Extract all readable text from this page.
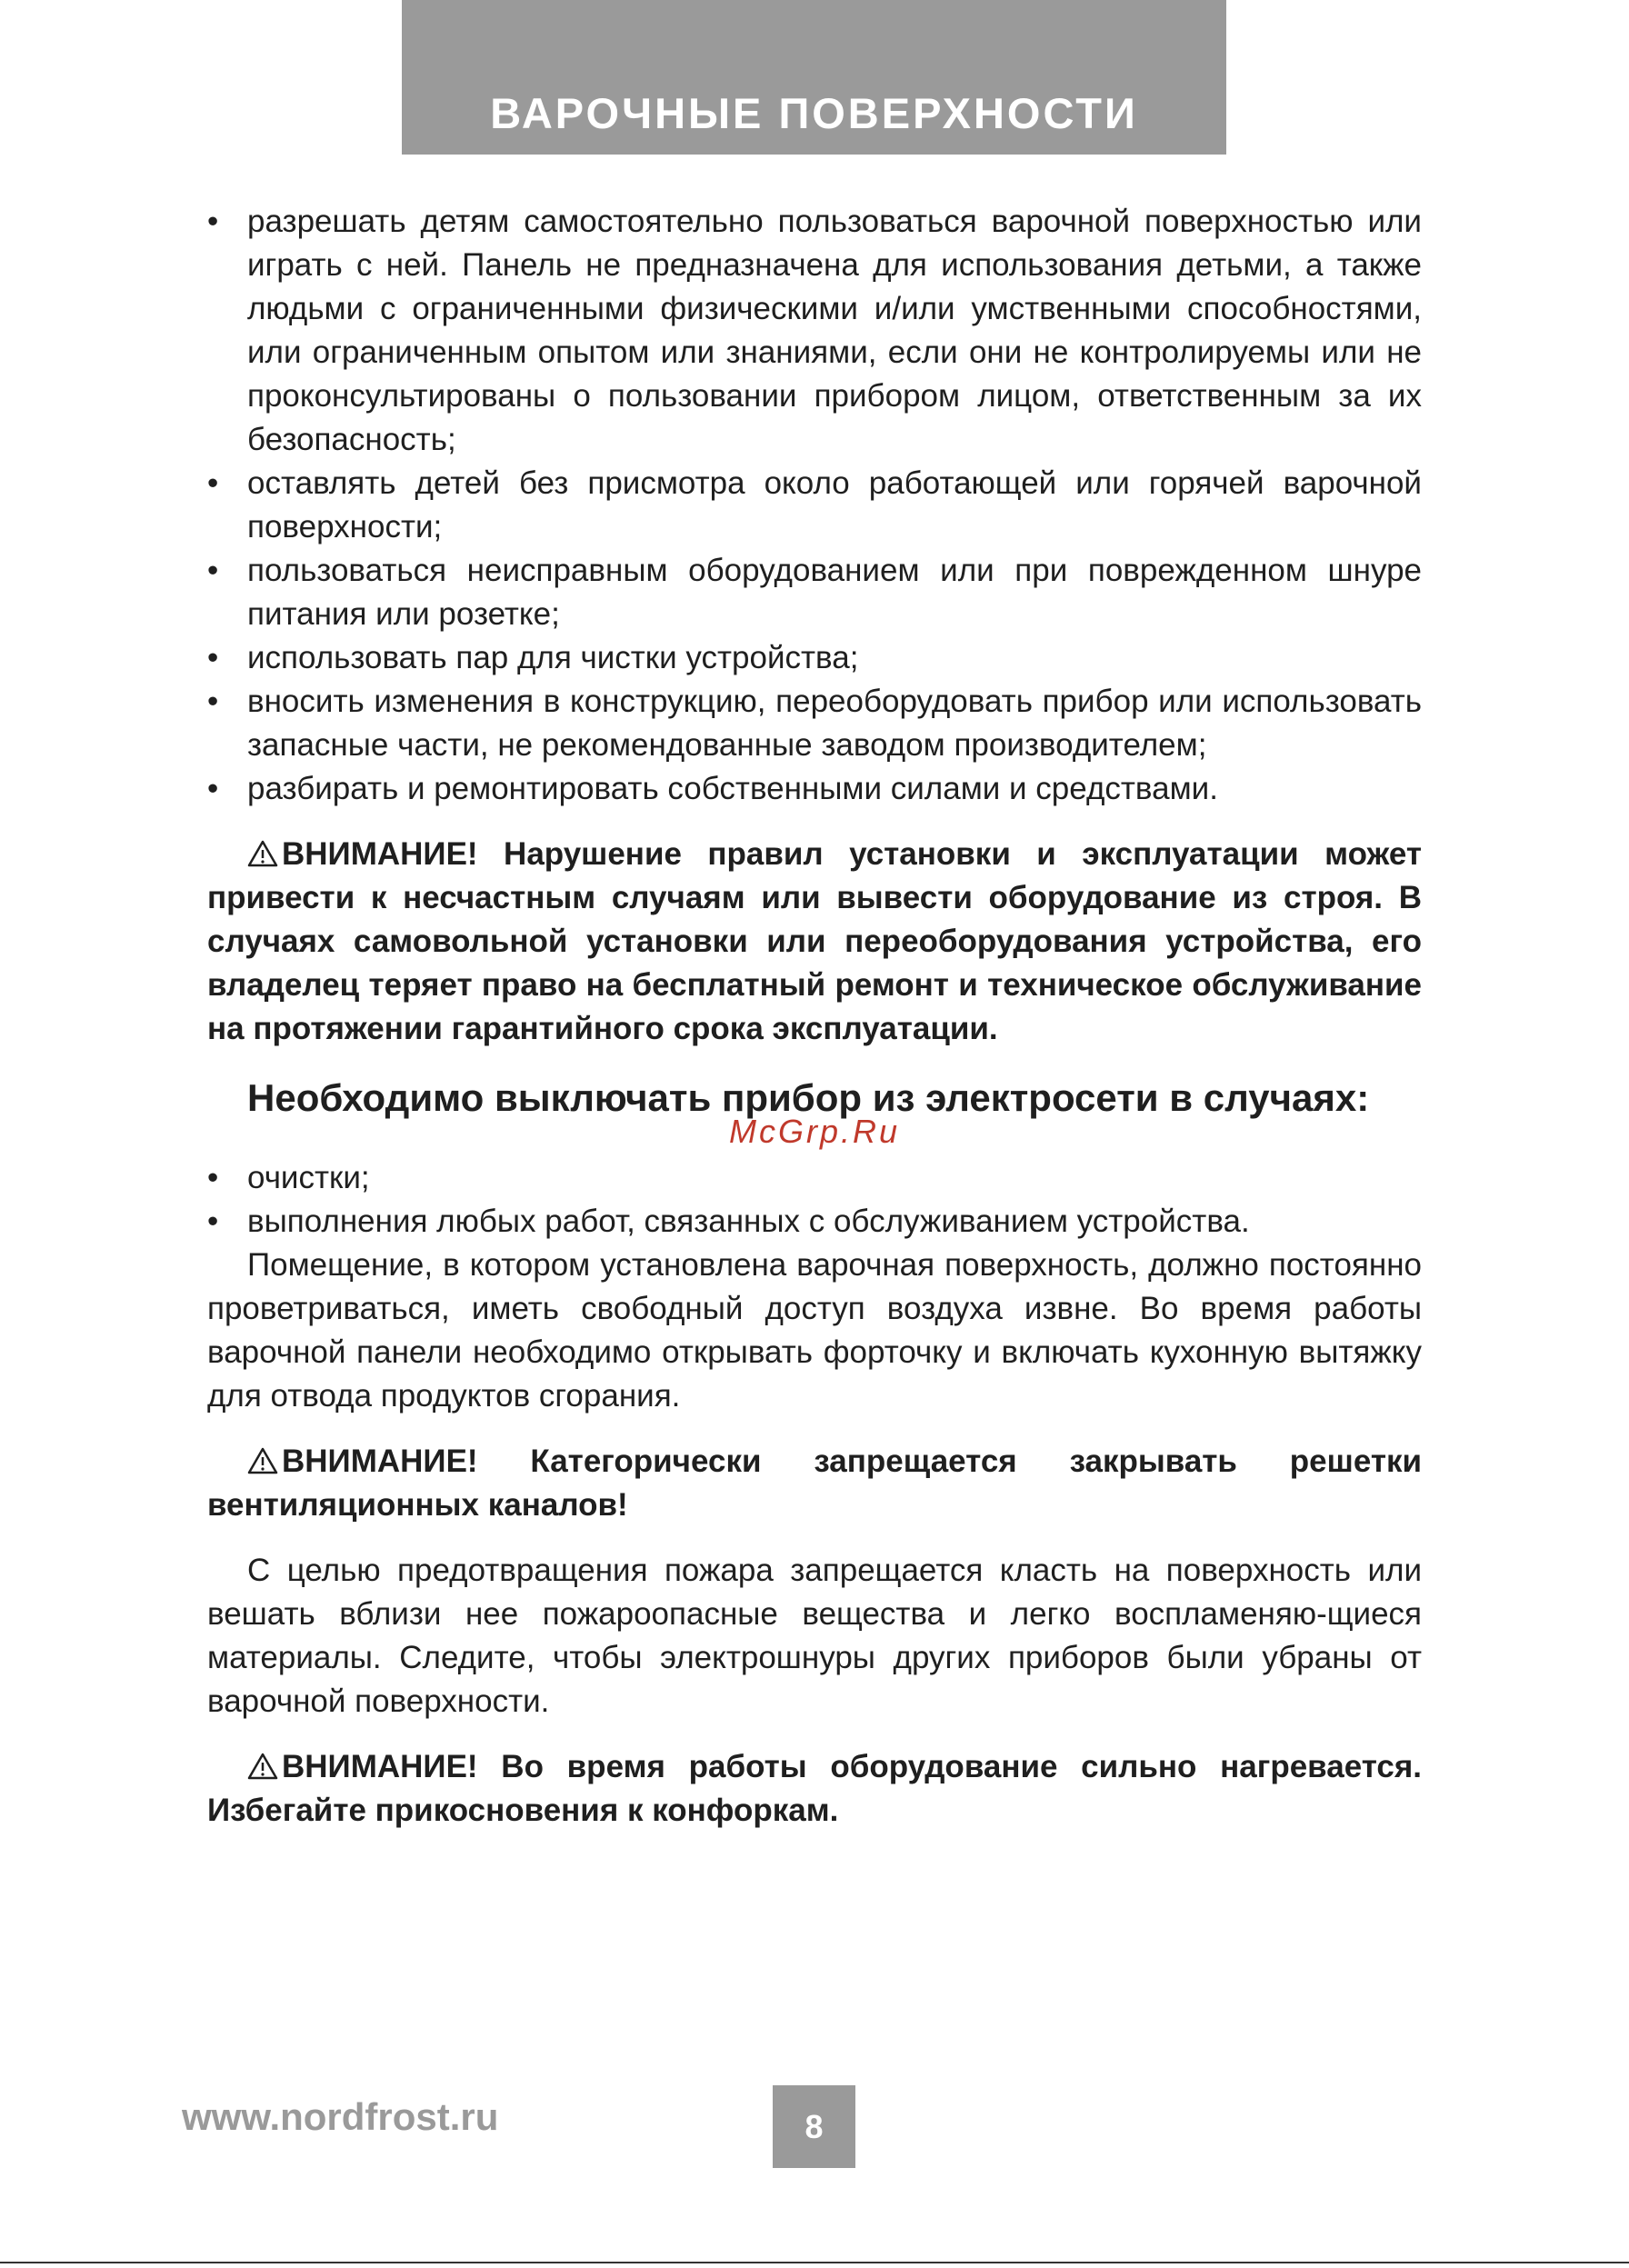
ВАРОЧНЫЕ ПОВЕРХНОСТИ
• разрешать детям самостоятельно пользоваться варочной поверхностью или играть с ней. Панель не предназначена для использования детьми, а также людьми с ограниченными физическими и/или умственными способностями, или ограниченным опытом или знаниями, если они не контролируемы или не проконсультированы о пользовании прибором лицом, ответственным за их безопасность;
• оставлять детей без присмотра около работающей или горячей варочной поверхности;
• пользоваться неисправным оборудованием или при поврежденном шнуре питания или розетке;
• использовать пар для чистки устройства;
• вносить изменения в конструкцию, переоборудовать прибор или использовать запасные части, не рекомендованные заводом производителем;
• разбирать и ремонтировать собственными силами и средствами.

ВНИМАНИЕ! Нарушение правил установки и эксплуатации может привести к несчастным случаям или вывести оборудование из строя. В случаях самовольной установки или переоборудования устройства, его владелец теряет право на бесплатный ремонт и техническое обслуживание на протяжении гарантийного срока эксплуатации.

Необходимо выключать прибор из электросети в случаях:

• очистки;
• выполнения любых работ, связанных с обслуживанием устройства.

Помещение, в котором установлена варочная поверхность, должно постоянно проветриваться, иметь свободный доступ воздуха извне. Во время работы варочной панели необходимо открывать форточку и включать кухонную вытяжку для отвода продуктов сгорания.

ВНИМАНИЕ! Категорически запрещается закрывать решетки вентиляционных каналов!

С целью предотвращения пожара запрещается класть на поверхность или вешать вблизи нее пожароопасные вещества и легко воспламеняю-щиеся материалы. Следите, чтобы электрошнуры других приборов были убраны от варочной поверхности.

ВНИМАНИЕ! Во время работы оборудование сильно нагревается. Избегайте прикосновения к конфоркам.

McGrp.Ru
www.nordfrost.ru	8
